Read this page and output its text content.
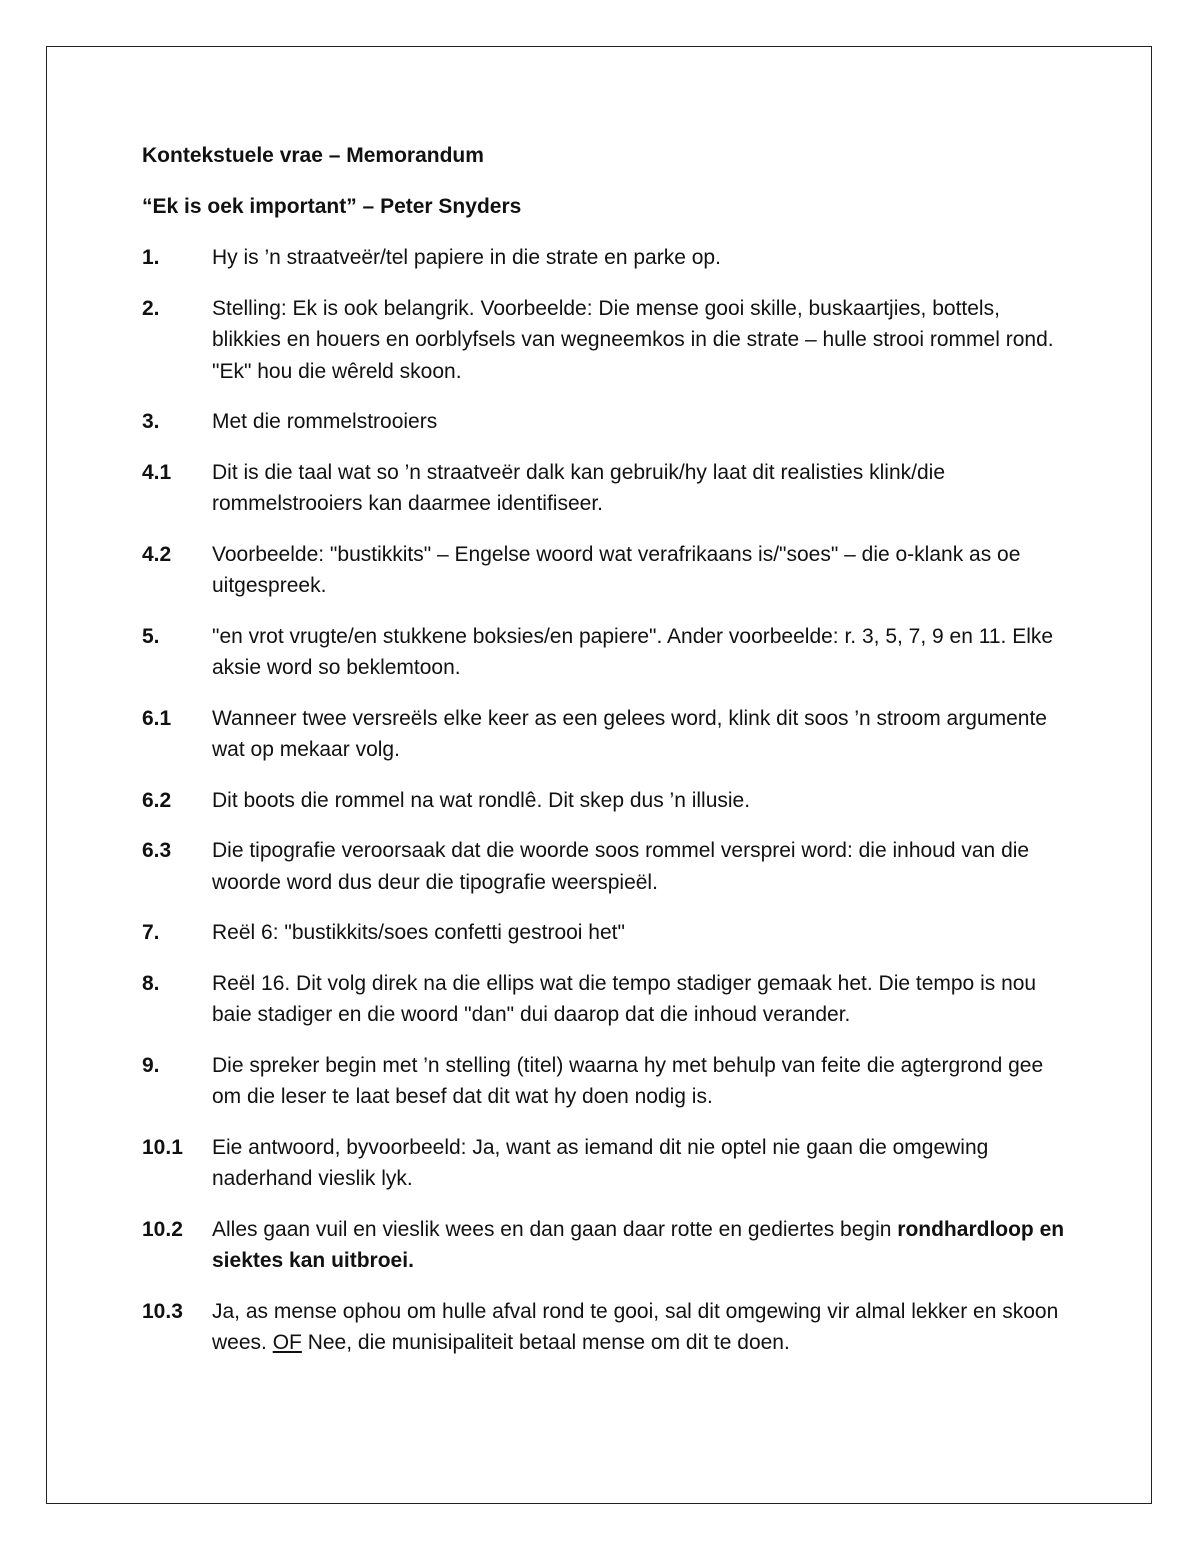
Kontekstuele vrae – Memorandum

“Ek is oek important” – Peter Snyders

1.	Hy is ’n straatveër/tel papiere in die strate en parke op.
2.	Stelling: Ek is ook belangrik. Voorbeelde: Die mense gooi skille, buskaartjies, bottels, blikkies en houers en oorblyfsels van wegneemkos in die strate – hulle strooi rommel rond. "Ek" hou die wêreld skoon.
3.	Met die rommelstrooiers
4.1	Dit is die taal wat so ’n straatveër dalk kan gebruik/hy laat dit realisties klink/die rommelstrooiers kan daarmee identifiseer.
4.2	Voorbeelde: "bustikkits" – Engelse woord wat verafrikaans is/"soes" – die o-klank as oe uitgespreek.
5.	"en vrot vrugte/en stukkene boksies/en papiere". Ander voorbeelde: r. 3, 5, 7, 9 en 11. Elke aksie word so beklemtoon.
6.1	Wanneer twee versreëls elke keer as een gelees word, klink dit soos ’n stroom argumente wat op mekaar volg.
6.2	Dit boots die rommel na wat rondlê. Dit skep dus ’n illusie.
6.3	Die tipografie veroorsaak dat die woorde soos rommel versprei word: die inhoud van die woorde word dus deur die tipografie weerspieël.
7.	Reël 6: "bustikkits/soes confetti gestrooi het"
8.	Reël 16. Dit volg direk na die ellips wat die tempo stadiger gemaak het. Die tempo is nou baie stadiger en die woord "dan" dui daarop dat die inhoud verander.
9.	Die spreker begin met ’n stelling (titel) waarna hy met behulp van feite die agtergrond gee om die leser te laat besef dat dit wat hy doen nodig is.
10.1	Eie antwoord, byvoorbeeld: Ja, want as iemand dit nie optel nie gaan die omgewing naderhand vieslik lyk.
10.2	Alles gaan vuil en vieslik wees en dan gaan daar rotte en gediertes begin rondhardloop en siektes kan uitbroei.
10.3	Ja, as mense ophou om hulle afval rond te gooi, sal dit omgewing vir almal lekker en skoon wees. OF Nee, die munisipaliteit betaal mense om dit te doen.
